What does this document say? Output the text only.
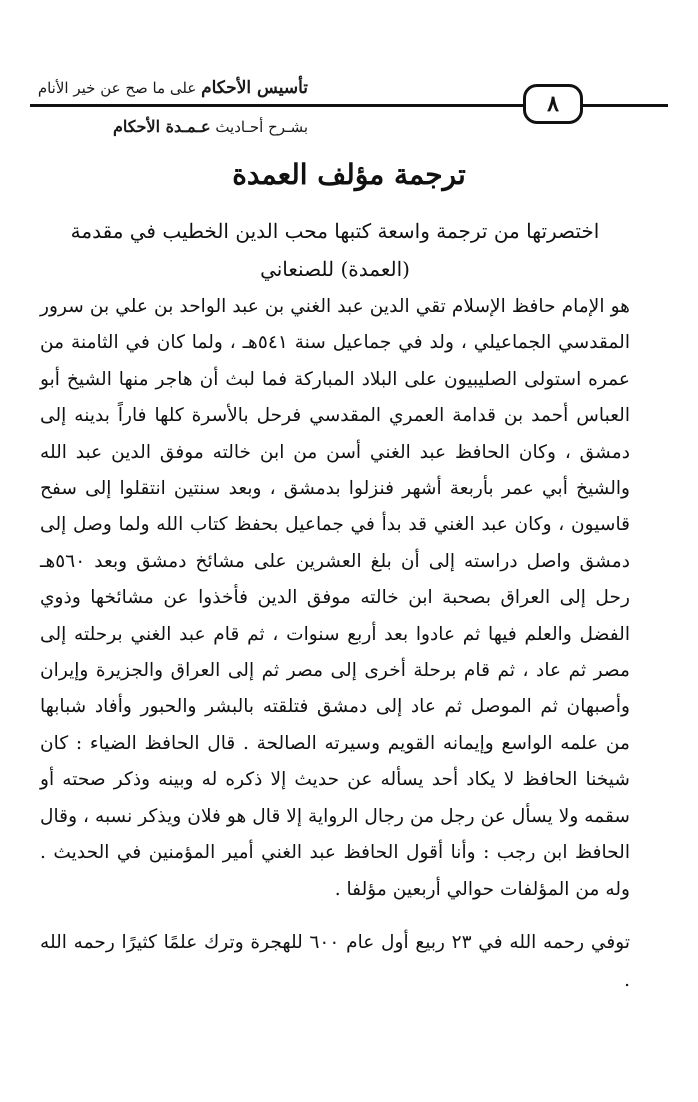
تأسيس الأحكام على ما صح عن خير الأنام
بشـرح أحـاديث عـمـدة الأحكام
٨
ترجمة مؤلف العمدة
اختصرتها من ترجمة واسعة كتبها محب الدين الخطيب في مقدمة (العمدة) للصنعاني
هو الإمام حافظ الإسلام تقي الدين عبد الغني بن عبد الواحد بن علي بن سرور المقدسي الجماعيلي ، ولد في جماعيل سنة ٥٤١هـ ، ولما كان في الثامنة من عمره استولى الصليبيون على البلاد المباركة فما لبث أن هاجر منها الشيخ أبو العباس أحمد بن قدامة العمري المقدسي فرحل بالأسرة كلها فاراً بدينه إلى دمشق ، وكان الحافظ عبد الغني أسن من ابن خالته موفق الدين عبد الله والشيخ أبي عمر بأربعة أشهر فنزلوا بدمشق ، وبعد سنتين انتقلوا إلى سفح قاسيون ، وكان عبد الغني قد بدأ في جماعيل بحفظ كتاب الله ولما وصل إلى دمشق واصل دراسته إلى أن بلغ العشرين على مشائخ دمشق وبعد ٥٦٠هـ رحل إلى العراق بصحبة ابن خالته موفق الدين فأخذوا عن مشائخها وذوي الفضل والعلم فيها ثم عادوا بعد أربع سنوات ، ثم قام عبد الغني برحلته إلى مصر ثم عاد ، ثم قام برحلة أخرى إلى مصر ثم إلى العراق والجزيرة وإيران وأصبهان ثم الموصل ثم عاد إلى دمشق فتلقته بالبشر والحبور وأفاد شبابها من علمه الواسع وإيمانه القويم وسيرته الصالحة . قال الحافظ الضياء : كان شيخنا الحافظ لا يكاد أحد يسأله عن حديث إلا ذكره له وبينه وذكر صحته أو سقمه ولا يسأل عن رجل من رجال الرواية إلا قال هو فلان ويذكر نسبه ، وقال الحافظ ابن رجب : وأنا أقول الحافظ عبد الغني أمير المؤمنين في الحديث . وله من المؤلفات حوالي أربعين مؤلفا .
توفي رحمه الله في ٢٣ ربيع أول عام ٦٠٠ للهجرة وترك علمًا كثيرًا رحمه الله .
